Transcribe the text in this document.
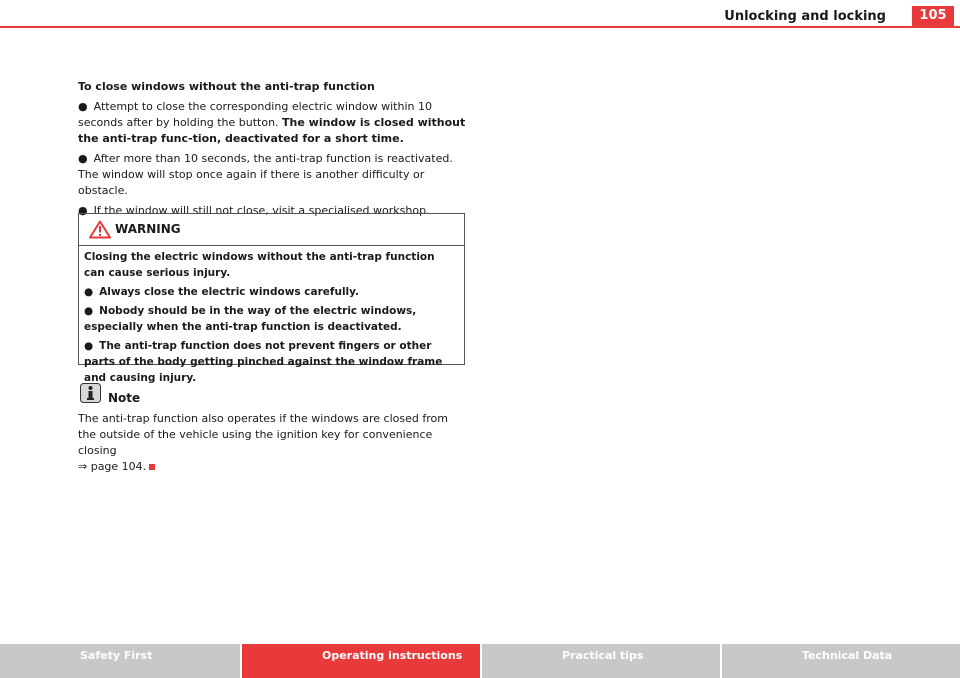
Unlocking and locking	105

To close windows without the anti-trap function

● Attempt to close the corresponding electric window within 10 seconds after by holding the button. The window is closed without the anti-trap func-tion, deactivated for a short time.

● After more than 10 seconds, the anti-trap function is reactivated. The window will stop once again if there is another difficulty or obstacle.

● If the window will still not close, visit a specialised workshop.

WARNING

Closing the electric windows without the anti-trap function can cause serious injury.

● Always close the electric windows carefully.

● Nobody should be in the way of the electric windows, especially when the anti-trap function is deactivated.

● The anti-trap function does not prevent fingers or other parts of the body getting pinched against the window frame and causing injury.

Note

The anti-trap function also operates if the windows are closed from the outside of the vehicle using the ignition key for convenience closing
⇒ page 104.

Safety First	Operating instructions	Practical tips	Technical Data
